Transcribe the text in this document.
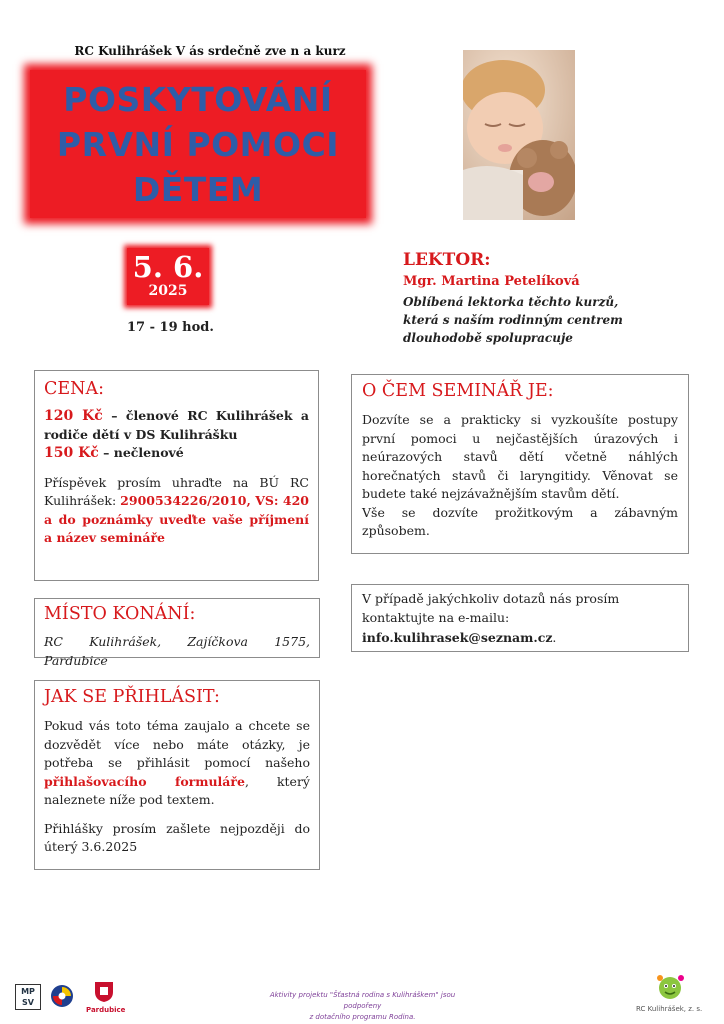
RC Kulihrášek V ás srdečně zve n a kurz
POSKYTOVÁNÍ
PRVNÍ POMOCI
DĚTEM
5. 6.
2025
17 - 19 hod.
LEKTOR:
Mgr. Martina Petelíková
Oblíbená lektorka těchto kurzů, která s naším rodinným centrem dlouhodobě spolupracuje
CENA:
120 Kč – členové RC Kulihrášek a rodiče dětí v DS Kulihrášku
150 Kč – nečlenové
Příspěvek prosím uhraďte na BÚ RC Kulihrášek: 2900534226/2010, VS: 420 a do poznámky uveďte vaše příjmení a název semináře
MÍSTO KONÁNÍ:
RC Kulihrášek, Zajíčkova 1575, Pardubice
JAK SE PŘIHLÁSIT:
Pokud vás toto téma zaujalo a chcete se dozvědět více nebo máte otázky, je potřeba se přihlásit pomocí našeho přihlašovacího formuláře, který naleznete níže pod textem.
Přihlášky prosím zašlete nejpozději do úterý 3.6.2025
O ČEM SEMINÁŘ JE:
Dozvíte se a prakticky si vyzkoušíte postupy první pomoci u nejčastějších úrazových i neúrazových stavů dětí včetně náhlých horečnatých stavů či laryngitidy. Věnovat se budete také nejzávažnějším stavům dětí.
Vše se dozvíte prožitkovým a zábavným způsobem.
V případě jakýchkoliv dotazů nás prosím kontaktujte na e-mailu:
info.kulihrasek@seznam.cz.
MP
SV
Pardubice
Aktivity projektu "Šťastná rodina s Kulihráškem" jsou podpořeny
z dotačního programu Rodina.
RC Kulihrášek, z. s.
